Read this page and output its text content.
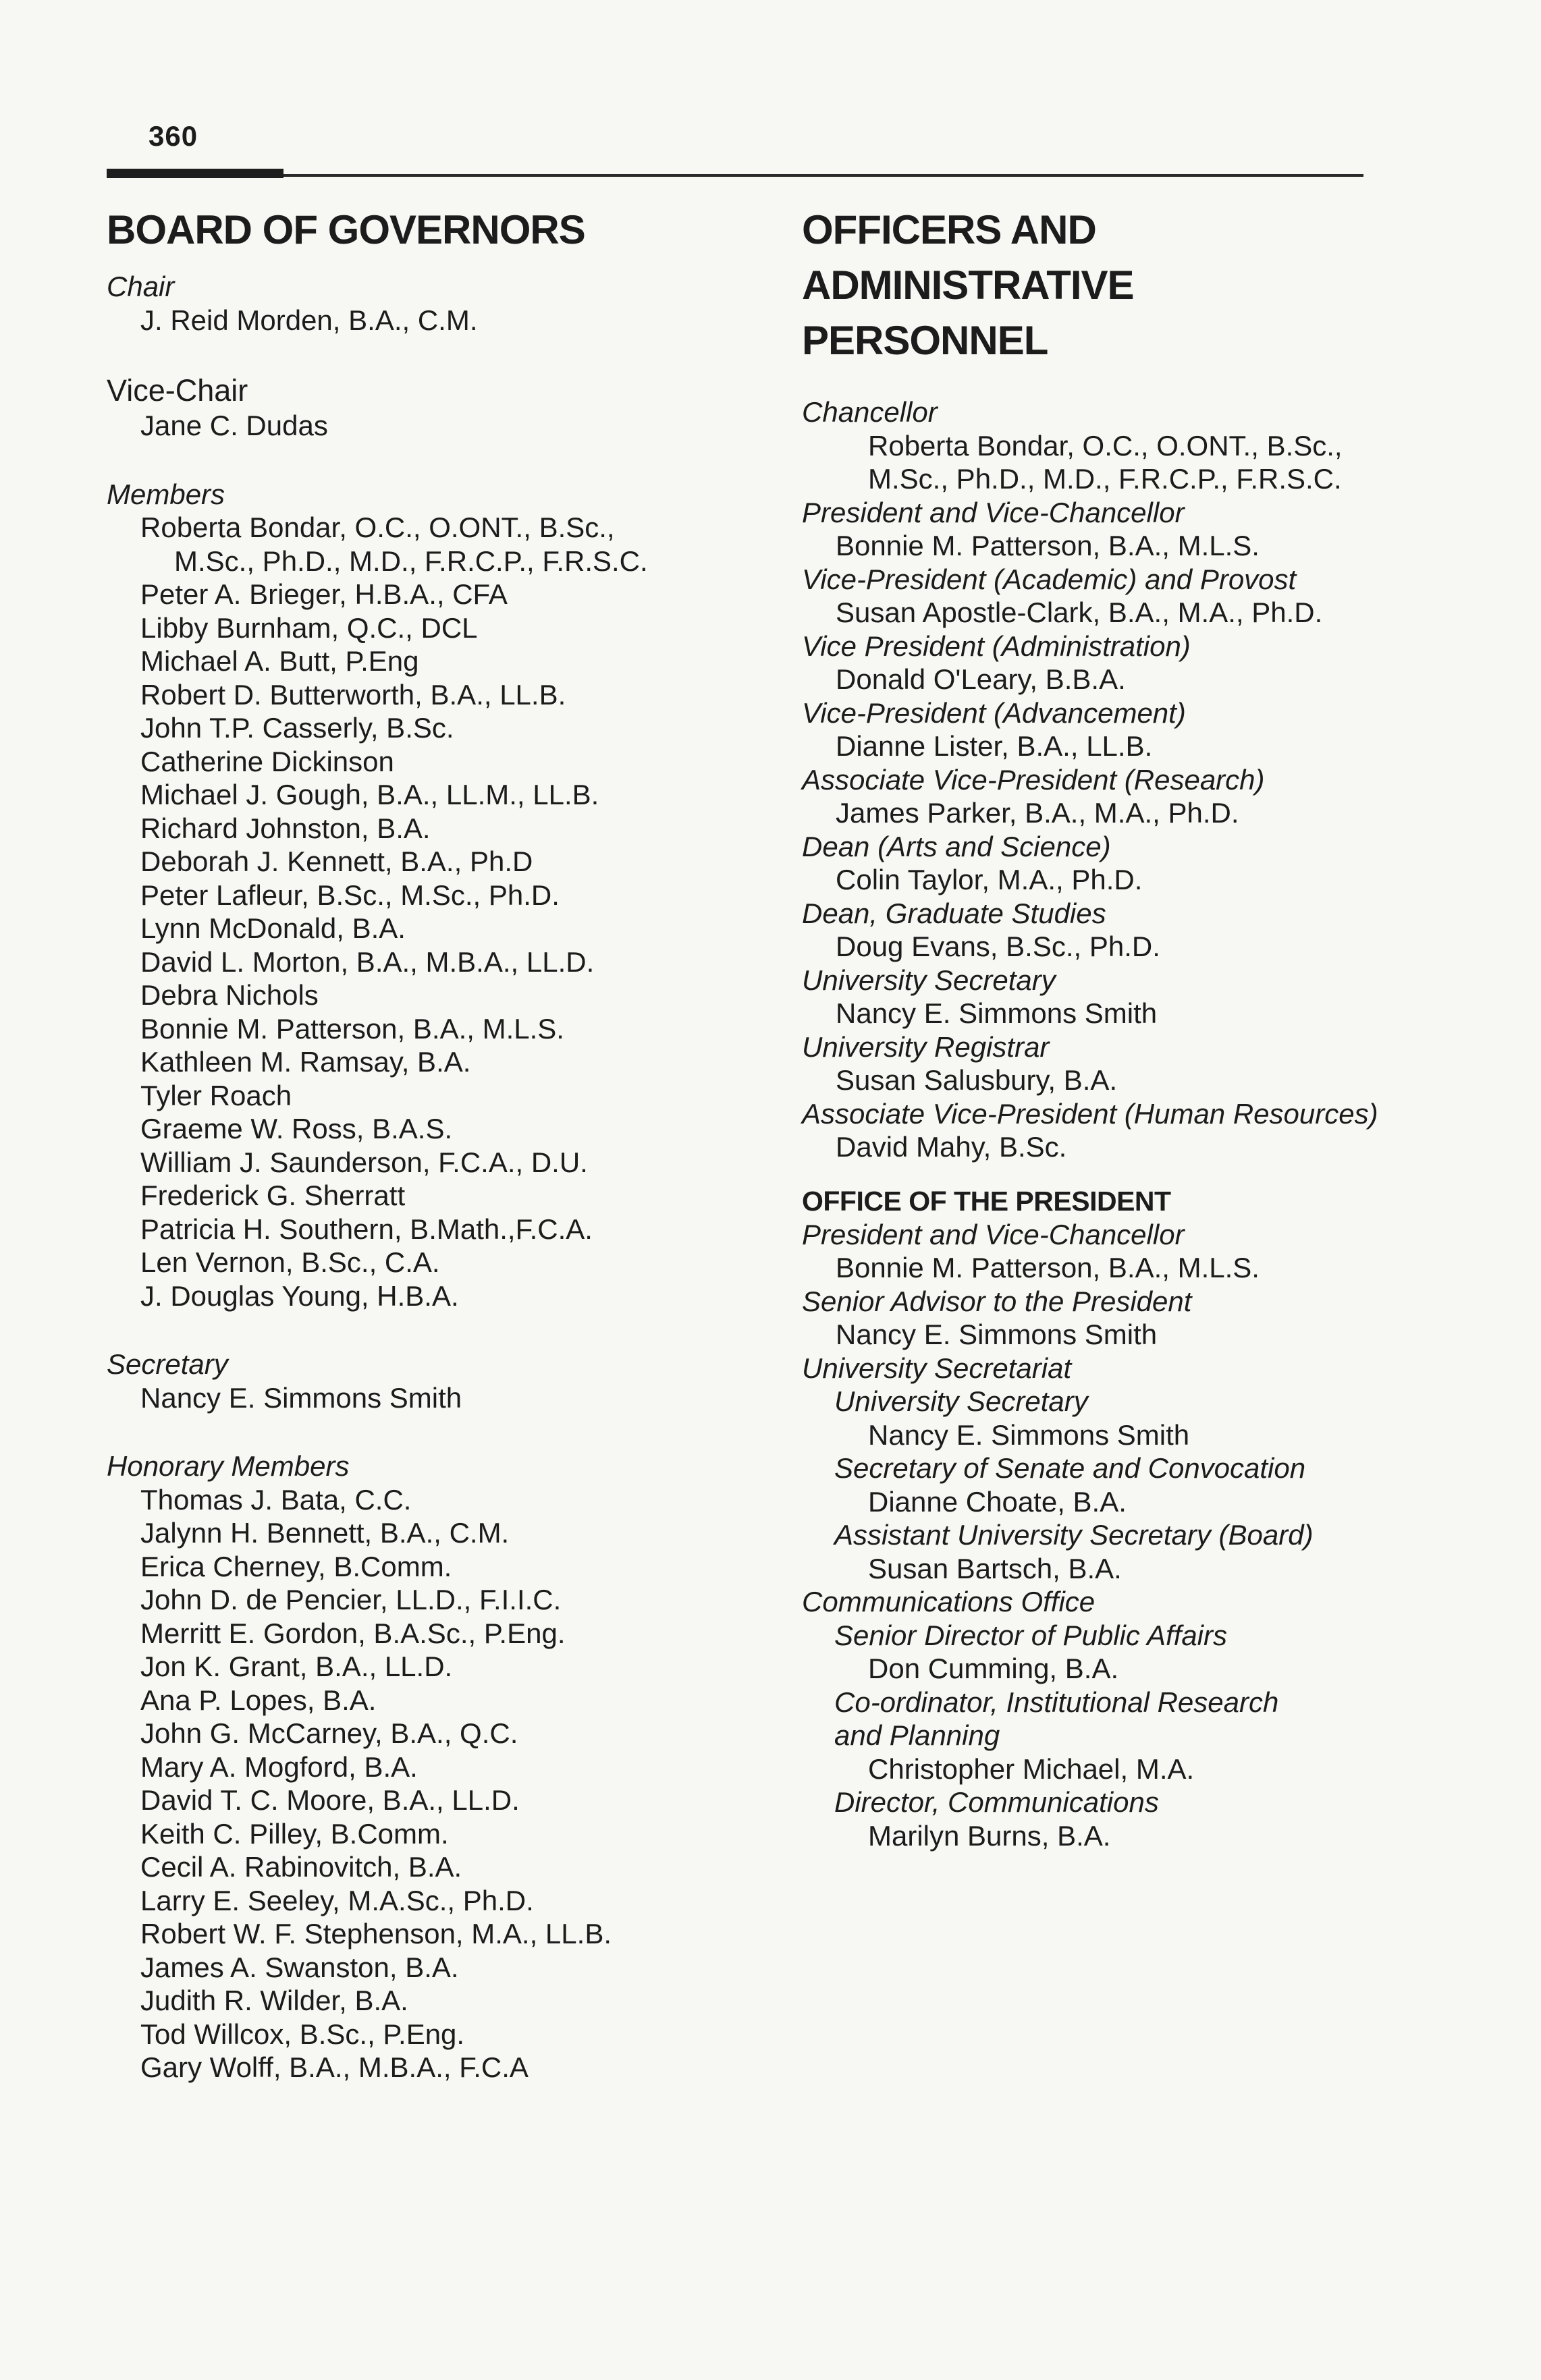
360
BOARD OF GOVERNORS

Chair

J. Reid Morden, B.A., C.M.

Vice-Chair

Jane C. Dudas

Members

Roberta Bondar, O.C., O.ONT., B.Sc.,

M.Sc., Ph.D., M.D., F.R.C.P., F.R.S.C.

Peter A. Brieger, H.B.A., CFA

Libby Burnham, Q.C., DCL

Michael A. Butt, P.Eng

Robert D. Butterworth, B.A., LL.B.

John T.P. Casserly, B.Sc.

Catherine Dickinson

Michael J. Gough, B.A., LL.M., LL.B.

Richard Johnston, B.A.

Deborah J. Kennett, B.A., Ph.D

Peter Lafleur, B.Sc., M.Sc., Ph.D.

Lynn McDonald, B.A.

David L. Morton, B.A., M.B.A., LL.D.

Debra Nichols

Bonnie M. Patterson, B.A., M.L.S.

Kathleen M. Ramsay, B.A.

Tyler Roach

Graeme W. Ross, B.A.S.

William J. Saunderson, F.C.A., D.U.

Frederick G. Sherratt

Patricia H. Southern, B.Math.,F.C.A.

Len Vernon, B.Sc., C.A.

J. Douglas Young, H.B.A.

Secretary

Nancy E. Simmons Smith

Honorary Members

Thomas J. Bata, C.C.

Jalynn H. Bennett, B.A., C.M.

Erica Cherney, B.Comm.

John D. de Pencier, LL.D., F.I.I.C.

Merritt E. Gordon, B.A.Sc., P.Eng.

Jon K. Grant, B.A., LL.D.

Ana P. Lopes, B.A.

John G. McCarney, B.A., Q.C.

Mary A. Mogford, B.A.

David T. C. Moore, B.A., LL.D.

Keith C. Pilley, B.Comm.

Cecil A. Rabinovitch, B.A.

Larry E. Seeley, M.A.Sc., Ph.D.

Robert W. F. Stephenson, M.A., LL.B.

James A. Swanston, B.A.

Judith R. Wilder, B.A.

Tod Willcox, B.Sc., P.Eng.

Gary Wolff, B.A., M.B.A., F.C.A

OFFICERS AND
ADMINISTRATIVE
PERSONNEL

Chancellor

Roberta Bondar, O.C., O.ONT., B.Sc.,

M.Sc., Ph.D., M.D., F.R.C.P., F.R.S.C.

President and Vice-Chancellor

Bonnie M. Patterson, B.A., M.L.S.

Vice-President (Academic) and Provost

Susan Apostle-Clark, B.A., M.A., Ph.D.

Vice President (Administration)

Donald O'Leary, B.B.A.

Vice-President (Advancement)

Dianne Lister, B.A., LL.B.

Associate Vice-President (Research)

James Parker, B.A., M.A., Ph.D.

Dean (Arts and Science)

Colin Taylor, M.A., Ph.D.

Dean, Graduate Studies

Doug Evans, B.Sc., Ph.D.

University Secretary

Nancy E. Simmons Smith

University Registrar

Susan Salusbury, B.A.

Associate Vice-President (Human Resources)

David Mahy, B.Sc.

OFFICE OF THE PRESIDENT

President and Vice-Chancellor

Bonnie M. Patterson, B.A., M.L.S.

Senior Advisor to the President

Nancy E. Simmons Smith

University Secretariat

University Secretary

Nancy E. Simmons Smith

Secretary of Senate and Convocation

Dianne Choate, B.A.

Assistant University Secretary (Board)

Susan Bartsch, B.A.

Communications Office

Senior Director of Public Affairs

Don Cumming, B.A.

Co-ordinator, Institutional Research

and Planning

Christopher Michael, M.A.

Director, Communications

Marilyn Burns, B.A.
